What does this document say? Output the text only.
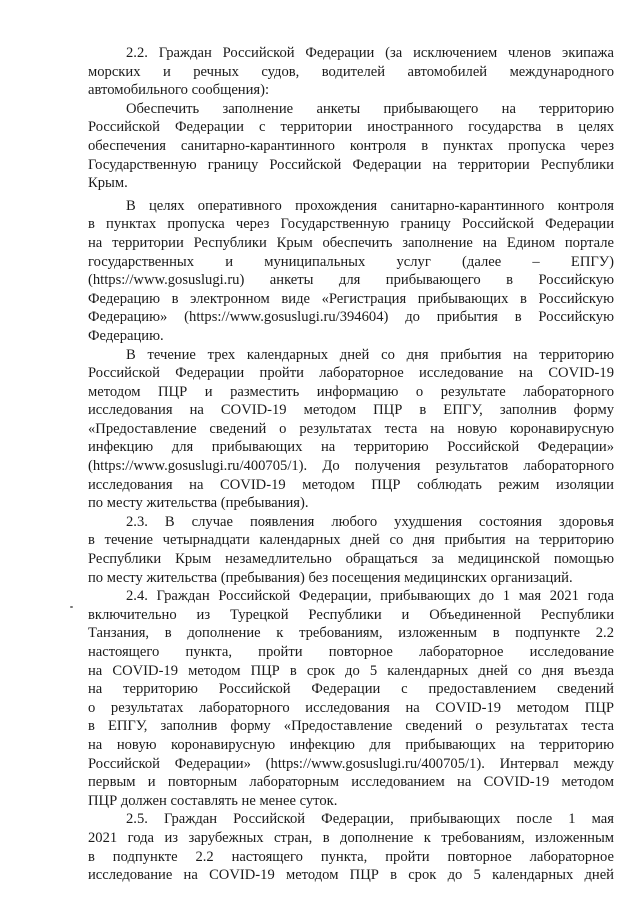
2.2. Граждан Российской Федерации (за исключением членов экипажа
морских и речных судов, водителей автомобилей международного
автомобильного сообщения):

Обеспечить заполнение анкеты прибывающего на территорию
Российской Федерации с территории иностранного государства в целях
обеспечения санитарно-карантинного контроля в пунктах пропуска через
Государственную границу Российской Федерации на территории Республики
Крым.

В целях оперативного прохождения санитарно-карантинного контроля
в пунктах пропуска через Государственную границу Российской Федерации
на территории Республики Крым обеспечить заполнение на Едином портале
государственных и муниципальных услуг (далее – ЕПГУ)
(https://www.gosuslugi.ru) анкеты для прибывающего в Российскую
Федерацию в электронном виде «Регистрация прибывающих в Российскую
Федерацию» (https://www.gosuslugi.ru/394604) до прибытия в Российскую
Федерацию.

В течение трех календарных дней со дня прибытия на территорию
Российской Федерации пройти лабораторное исследование на COVID-19
методом ПЦР и разместить информацию о результате лабораторного
исследования на COVID-19 методом ПЦР в ЕПГУ, заполнив форму
«Предоставление сведений о результатах теста на новую коронавирусную
инфекцию для прибывающих на территорию Российской Федерации»
(https://www.gosuslugi.ru/400705/1). До получения результатов лабораторного
исследования на COVID-19 методом ПЦР соблюдать режим изоляции
по месту жительства (пребывания).

2.3. В случае появления любого ухудшения состояния здоровья
в течение четырнадцати календарных дней со дня прибытия на территорию
Республики Крым незамедлительно обращаться за медицинской помощью
по месту жительства (пребывания) без посещения медицинских организаций.

2.4. Граждан Российской Федерации, прибывающих до 1 мая 2021 года
включительно из Турецкой Республики и Объединенной Республики
Танзания, в дополнение к требованиям, изложенным в подпункте 2.2
настоящего пункта, пройти повторное лабораторное исследование
на COVID-19 методом ПЦР в срок до 5 календарных дней со дня въезда
на территорию Российской Федерации с предоставлением сведений
о результатах лабораторного исследования на COVID-19 методом ПЦР
в ЕПГУ, заполнив форму «Предоставление сведений о результатах теста
на новую коронавирусную инфекцию для прибывающих на территорию
Российской Федерации» (https://www.gosuslugi.ru/400705/1). Интервал между
первым и повторным лабораторным исследованием на COVID-19 методом
ПЦР должен составлять не менее суток.

2.5. Граждан Российской Федерации, прибывающих после 1 мая
2021 года из зарубежных стран, в дополнение к требованиям, изложенным
в подпункте 2.2 настоящего пункта, пройти повторное лабораторное
исследование на COVID-19 методом ПЦР в срок до 5 календарных дней
